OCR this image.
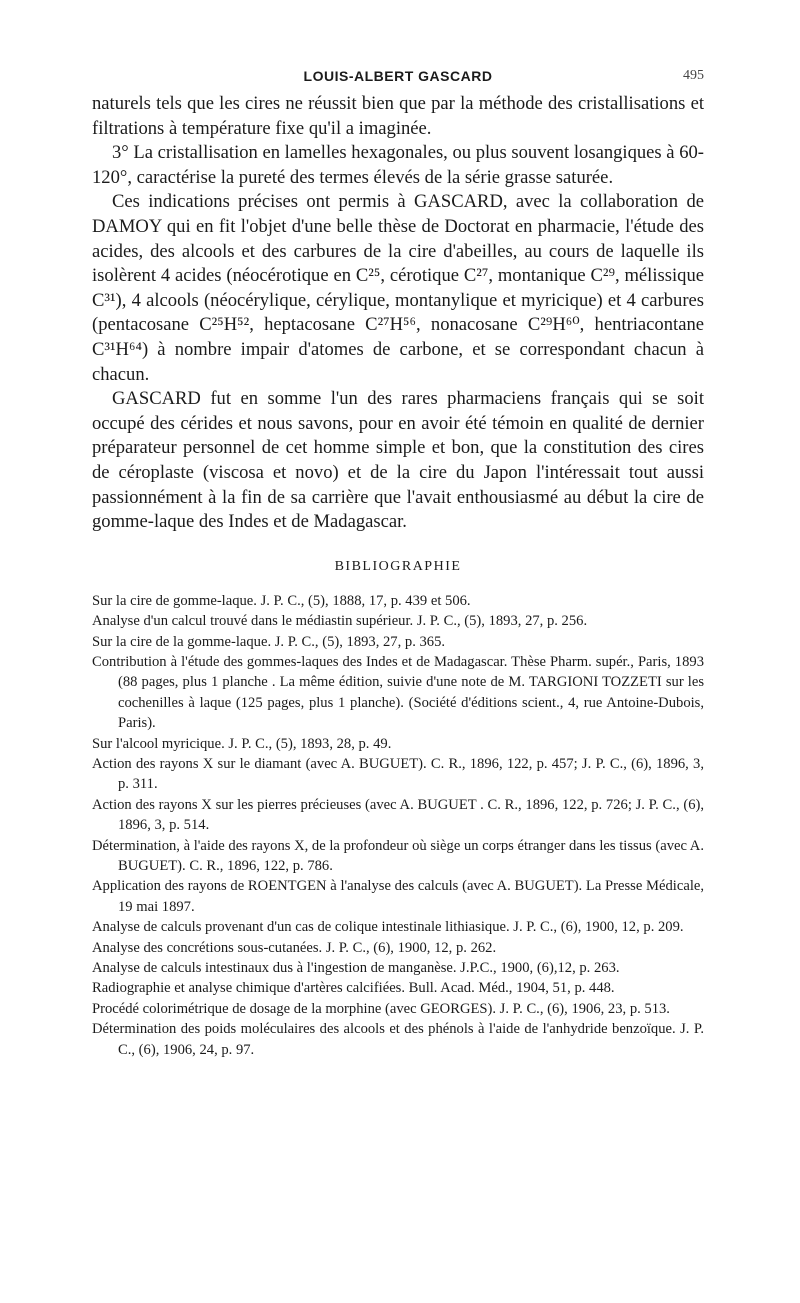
LOUIS-ALBERT GASCARD	495

naturels tels que les cires ne réussit bien que par la méthode des cristallisations et filtrations à température fixe qu'il a imaginée.

3° La cristallisation en lamelles hexagonales, ou plus souvent losangiques à 60-120°, caractérise la pureté des termes élevés de la série grasse saturée.

Ces indications précises ont permis à GASCARD, avec la collaboration de DAMOY qui en fit l'objet d'une belle thèse de Doctorat en pharmacie, l'étude des acides, des alcools et des carbures de la cire d'abeilles, au cours de laquelle ils isolèrent 4 acides (néocérotique en C²⁵, cérotique C²⁷, montanique C²⁹, mélissique C³¹), 4 alcools (néocérylique, cérylique, montanylique et myricique) et 4 carbures (pentacosane C²⁵H⁵², heptacosane C²⁷H⁵⁶, nonacosane C²⁹H⁶⁰, hentriacontane C³¹H⁶⁴) à nombre impair d'atomes de carbone, et se correspondant chacun à chacun.

GASCARD fut en somme l'un des rares pharmaciens français qui se soit occupé des cérides et nous savons, pour en avoir été témoin en qualité de dernier préparateur personnel de cet homme simple et bon, que la constitution des cires de céroplaste (viscosa et novo) et de la cire du Japon l'intéressait tout aussi passionnément à la fin de sa carrière que l'avait enthousiasmé au début la cire de gomme-laque des Indes et de Madagascar.

BIBLIOGRAPHIE

Sur la cire de gomme-laque. J. P. C., (5), 1888, 17, p. 439 et 506.

Analyse d'un calcul trouvé dans le médiastin supérieur. J. P. C., (5), 1893, 27, p. 256.

Sur la cire de la gomme-laque. J. P. C., (5), 1893, 27, p. 365.

Contribution à l'étude des gommes-laques des Indes et de Madagascar. Thèse Pharm. supér., Paris, 1893 (88 pages, plus 1 planche . La même édition, suivie d'une note de M. TARGIONI TOZZETI sur les cochenilles à laque (125 pages, plus 1 planche). (Société d'éditions scient., 4, rue Antoine-Dubois, Paris).

Sur l'alcool myricique. J. P. C., (5), 1893, 28, p. 49.

Action des rayons X sur le diamant (avec A. BUGUET). C. R., 1896, 122, p. 457; J. P. C., (6), 1896, 3, p. 311.

Action des rayons X sur les pierres précieuses (avec A. BUGUET . C. R., 1896, 122, p. 726; J. P. C., (6), 1896, 3, p. 514.

Détermination, à l'aide des rayons X, de la profondeur où siège un corps étranger dans les tissus (avec A. BUGUET). C. R., 1896, 122, p. 786.

Application des rayons de ROENTGEN à l'analyse des calculs (avec A. BUGUET). La Presse Médicale, 19 mai 1897.

Analyse de calculs provenant d'un cas de colique intestinale lithiasique. J. P. C., (6), 1900, 12, p. 209.

Analyse des concrétions sous-cutanées. J. P. C., (6), 1900, 12, p. 262.

Analyse de calculs intestinaux dus à l'ingestion de manganèse. J.P.C., 1900, (6),12, p. 263.

Radiographie et analyse chimique d'artères calcifiées. Bull. Acad. Méd., 1904, 51, p. 448.

Procédé colorimétrique de dosage de la morphine (avec GEORGES). J. P. C., (6), 1906, 23, p. 513.

Détermination des poids moléculaires des alcools et des phénols à l'aide de l'anhydride benzoïque. J. P. C., (6), 1906, 24, p. 97.
